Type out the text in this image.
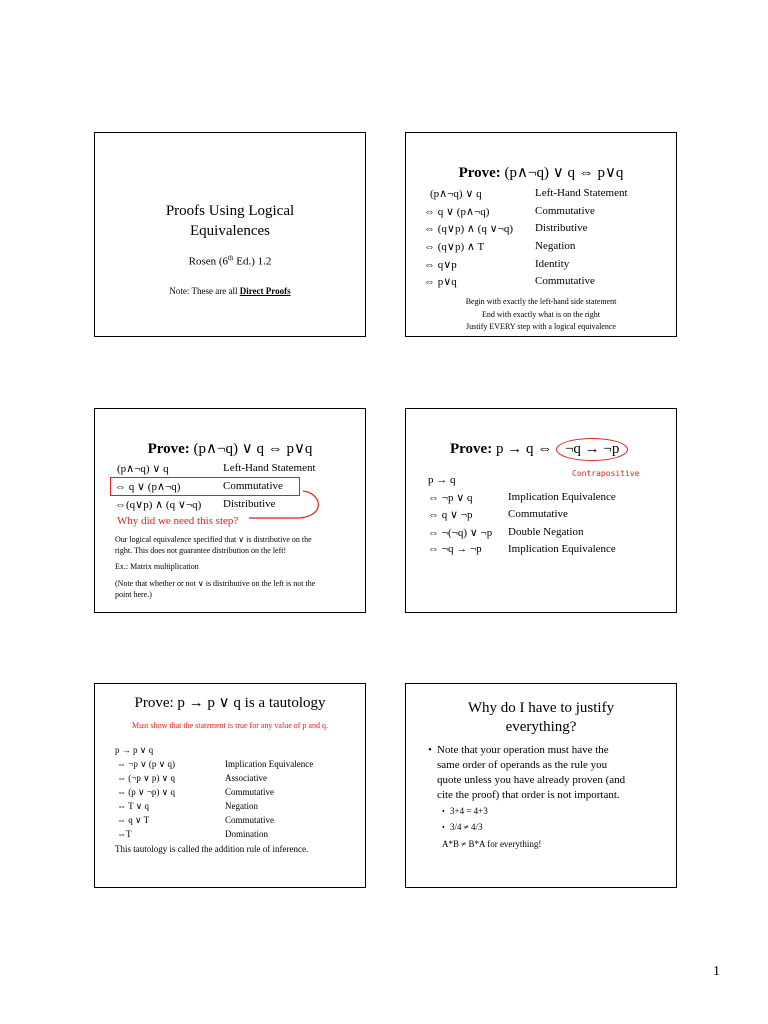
Proofs Using Logical
Equivalences
Rosen (6th Ed.) 1.2
Note: These are all Direct Proofs
Prove: (p∧¬q) ∨ q ⇔ p∨q
(p∧¬q) ∨ q	Left-Hand Statement
⇔ q ∨ (p∧¬q)	Commutative
⇔ (q∨p) ∧ (q ∨¬q) Distributive
⇔ (q∨p) ∧ T	Negation
⇔ q∨p	Identity
⇔ p∨q	Commutative
Begin with exactly the left-hand side statement
End with exactly what is on the right
Justify EVERY step with a logical equivalence
Prove: (p∧¬q) ∨ q ⇔ p∨q
(p∧¬q) ∨ q	Left-Hand Statement
⇔ q ∨ (p∧¬q)	Commutative
⇔(q∨p) ∧ (q ∨¬q) Distributive
Why did we need this step?
Our logical equivalence specified that ∨ is distributive on the
right. This does not guarantee distribution on the left!
Ex.: Matrix multiplication
(Note that whether or not ∨ is distributive on the left is not the
point here.)
Prove: p → q ⇔ ¬q → ¬p
Contrapositive
p → q
⇔ ¬p ∨ q	Implication Equivalence
⇔ q ∨ ¬p	Commutative
⇔ ¬(¬q) ∨ ¬p Double Negation
⇔ ¬q → ¬p Implication Equivalence
Prove: p → p ∨ q is a tautology
Must show that the statement is true for any value of p and q.
p → p ∨ q
⇔ ¬p ∨ (p ∨ q)	Implication Equivalence
⇔ (¬p ∨ p) ∨ q	Associative
⇔ (p ∨ ¬p) ∨ q	Commutative
⇔ T ∨ q	Negation
⇔ q ∨ T	Commutative
⇔T	Domination
This tautology is called the addition rule of inference.
Why do I have to justify
everything?
• Note that your operation must have the
same order of operands as the rule you
quote unless you have already proven (and
cite the proof) that order is not important.
• 3+4 = 4+3
• 3/4 ≠ 4/3
A*B ≠ B*A for everything!
1
